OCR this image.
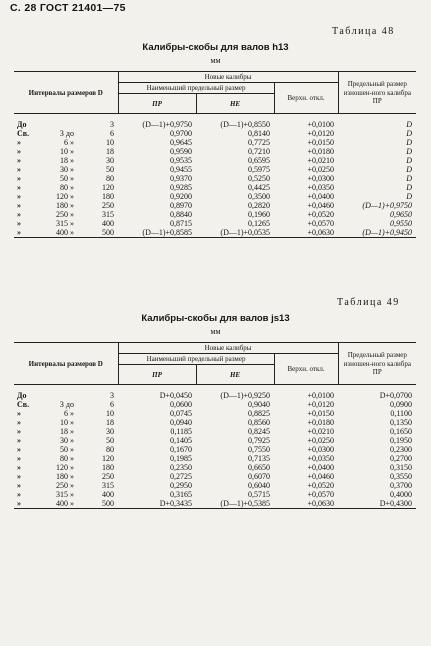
С. 28 ГОСТ 21401—75
Таблица 48
Калибры-скобы для валов h13
мм
Интервалы размеров D			Новые калибры			Предельный размер изношен-ного калибра ПР
			Наименьший предельный размер		Верхн. откл.	
			ПР	НЕ		
До		3	(D—1)+0,9750	(D—1)+0,8550	+0,0100	D
Св.	3 до	6	0,9700	0,8140	+0,0120	D
»	6 »	10	0,9645	0,7725	+0,0150	D
»	10 »	18	0,9590	0,7210	+0,0180	D
»	18 »	30	0,9535	0,6595	+0,0210	D
»	30 »	50	0,9455	0,5975	+0,0250	D
»	50 »	80	0,9370	0,5250	+0,0300	D
»	80 »	120	0,9285	0,4425	+0,0350	D
»	120 »	180	0,9200	0,3500	+0,0400	D
»	180 »	250	0,8970	0,2820	+0,0460	(D—1)+0,9750
»	250 »	315	0,8840	0,1960	+0,0520	0,9650
»	315 »	400	0,8715	0,1265	+0,0570	0,9550
»	400 »	500	(D—1)+0,8585	(D—1)+0,0535	+0,0630	(D—1)+0,9450
Таблица 49
Калибры-скобы для валов js13
мм
Интервалы размеров D			Новые калибры			Предельный размер изношен-ного калибра ПР
			Наименьший предельный размер		Верхн. откл.	
			ПР	НЕ		
До		3	D+0,0450	(D—1)+0,9250	+0,0100	D+0,0700
Св.	3 до	6	0,0600	0,9040	+0,0120	0,0900
»	6 »	10	0,0745	0,8825	+0,0150	0,1100
»	10 »	18	0,0940	0,8560	+0,0180	0,1350
»	18 »	30	0,1185	0,8245	+0,0210	0,1650
»	30 »	50	0,1405	0,7925	+0,0250	0,1950
»	50 »	80	0,1670	0,7550	+0,0300	0,2300
»	80 »	120	0,1985	0,7135	+0,0350	0,2700
»	120 »	180	0,2350	0,6650	+0,0400	0,3150
»	180 »	250	0,2725	0,6070	+0,0460	0,3550
»	250 »	315	0,2950	0,6040	+0,0520	0,3700
»	315 »	400	0,3165	0,5715	+0,0570	0,4000
»	400 »	500	D+0,3435	(D—1)+0,5385	+0,0630	D+0,4300
